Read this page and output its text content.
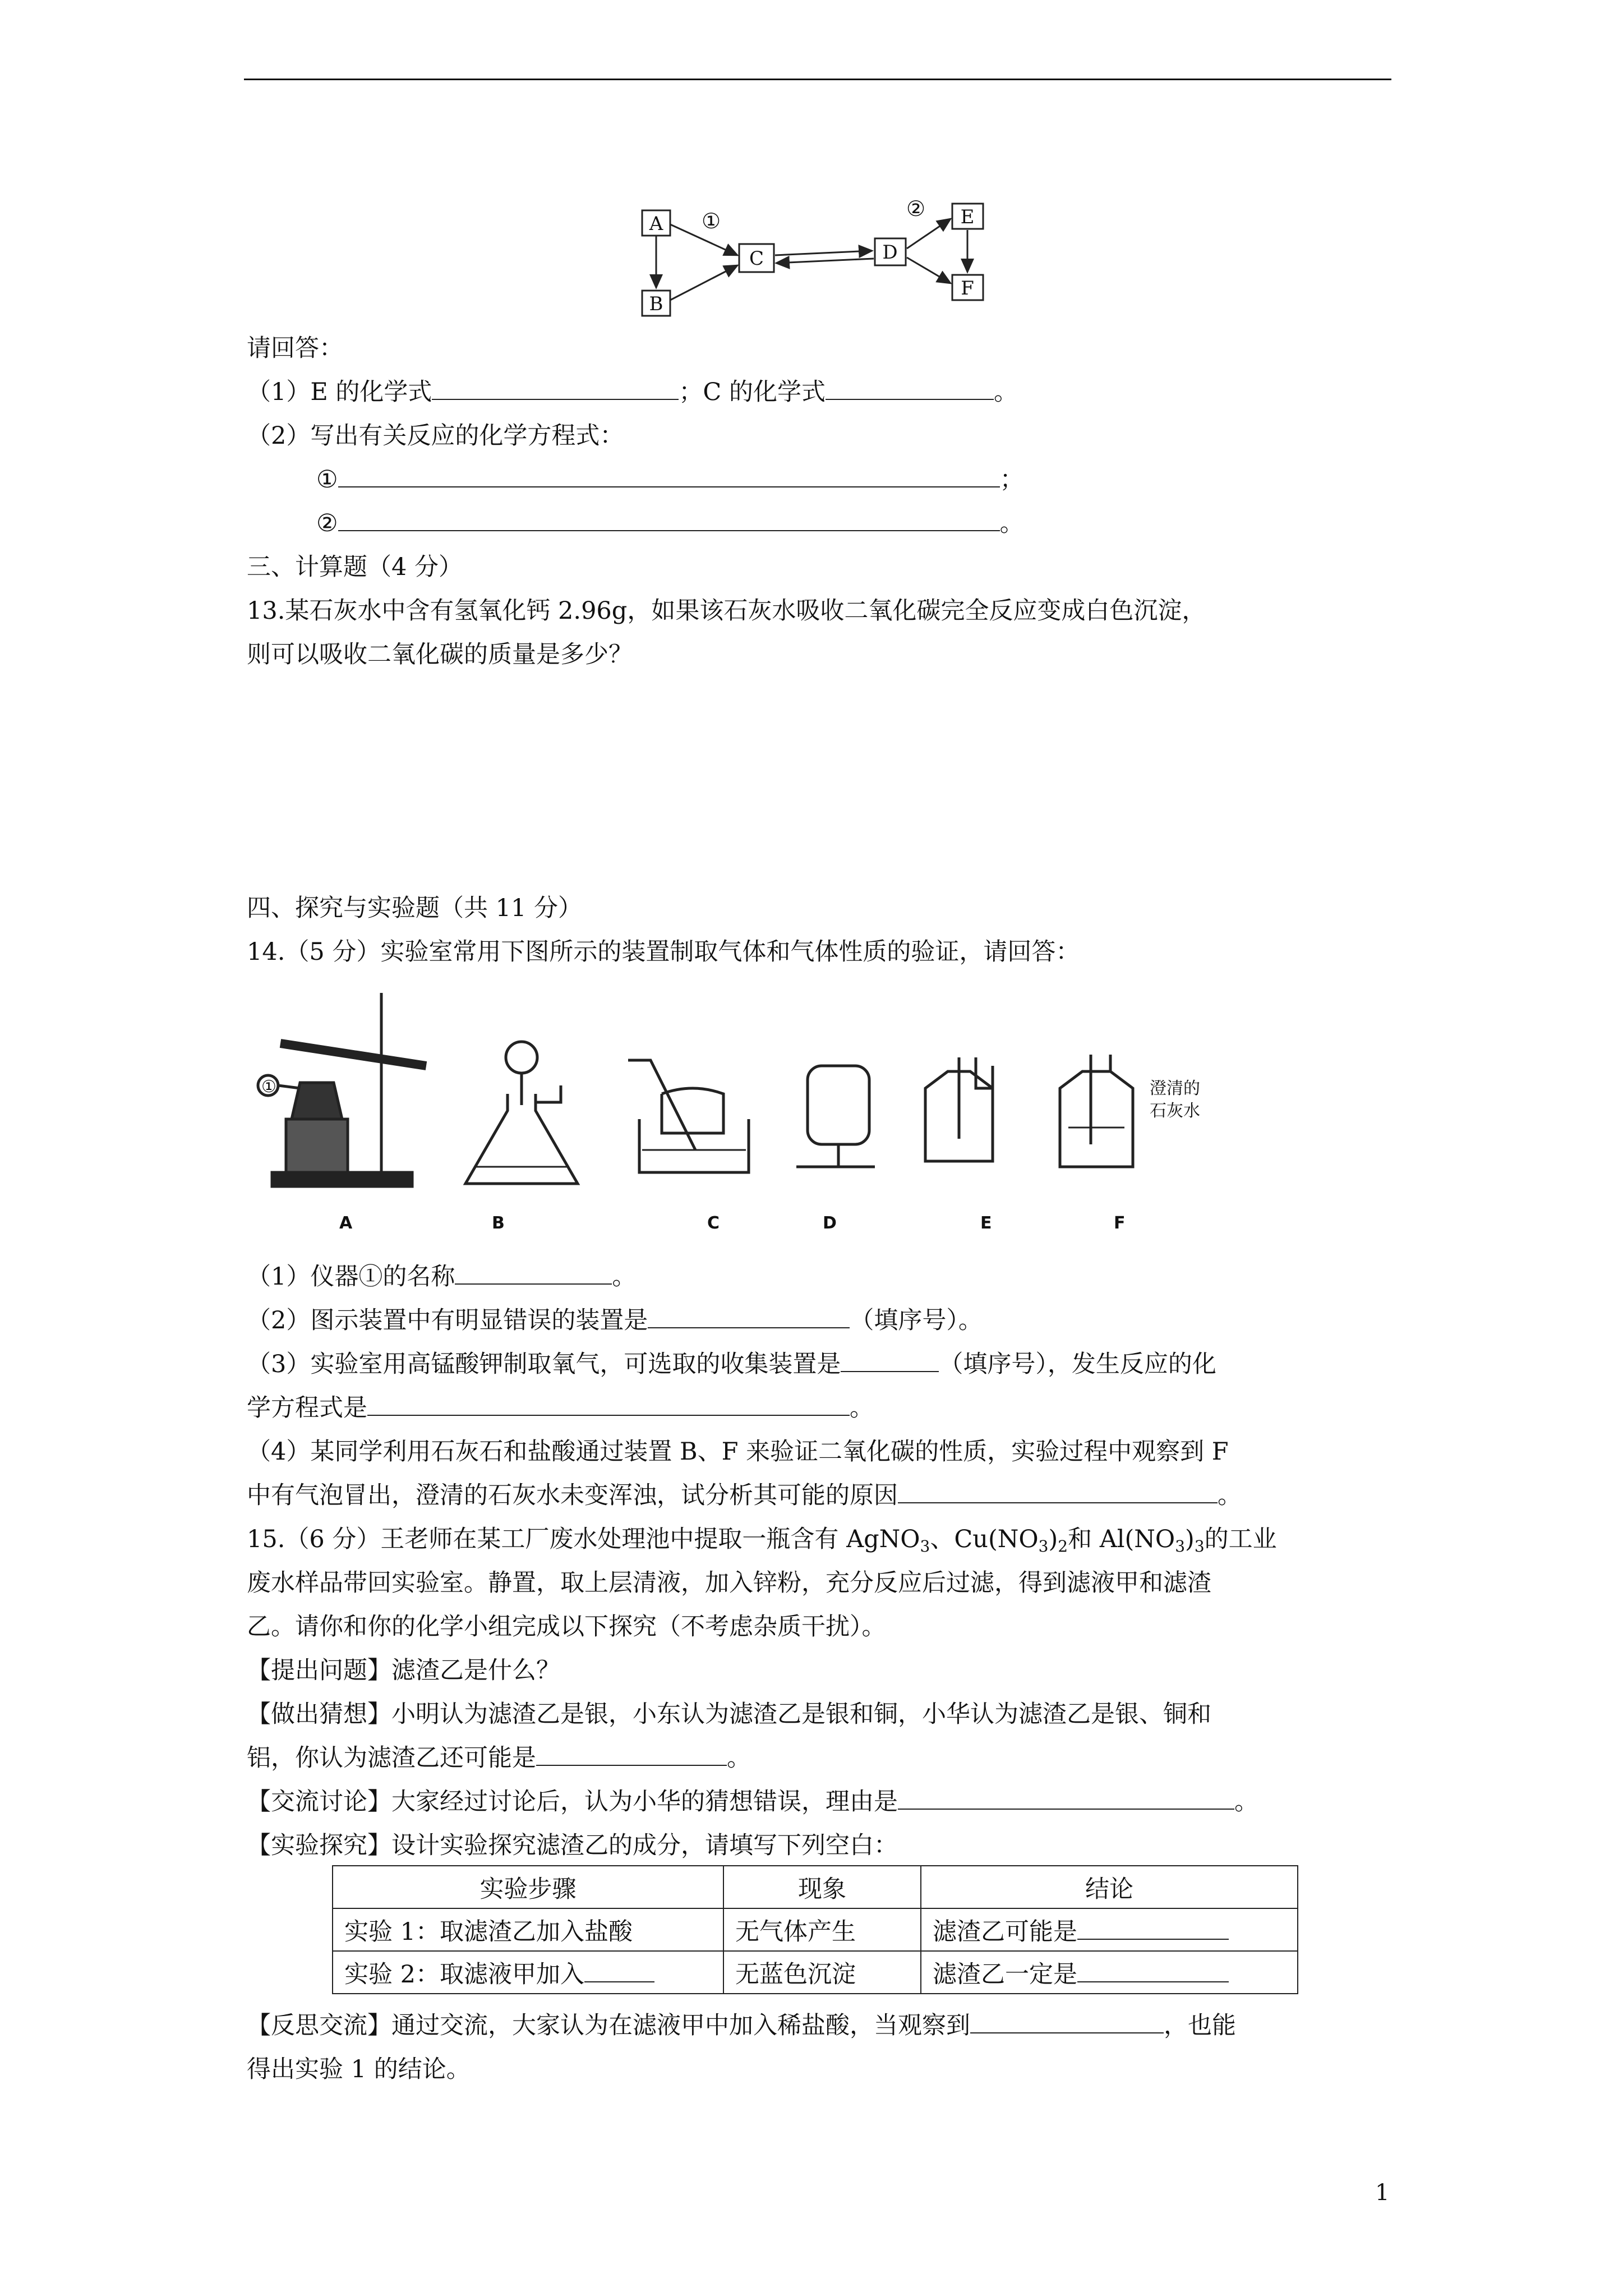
A
B
C	D
E
F
①	②
请回答：
（1）E 的化学式	；C 的化学式	。
（2）写出有关反应的化学方程式：
①	；
②	。
三、计算题（4 分）
13.某石灰水中含有氢氧化钙 2.96g，如果该石灰水吸收二氧化碳完全反应变成白色沉淀，
则可以吸收二氧化碳的质量是多少？
四、探究与实验题（共 11 分）
14.（5 分）实验室常用下图所示的装置制取气体和气体性质的验证，请回答：
①	澄清的
石灰水
A	B	C	D	E	F
（1）仪器①的名称	。
（2）图示装置中有明显错误的装置是	（填序号）。
（3）实验室用高锰酸钾制取氧气，可选取的收集装置是	（填序号），发生反应的化
学方程式是	。
（4）某同学利用石灰石和盐酸通过装置 B、F 来验证二氧化碳的性质，实验过程中观察到 F
中有气泡冒出，澄清的石灰水未变浑浊，试分析其可能的原因	。
15.（6 分）王老师在某工厂废水处理池中提取一瓶含有 AgNO$_3$、$Cu(NO_3)_2$和 $Al(NO_3)_3$的工业
废水样品带回实验室。静置，取上层清液，加入锌粉，充分反应后过滤，得到滤液甲和滤渣
乙。请你和你的化学小组完成以下探究（不考虑杂质干扰）。
【提出问题】滤渣乙是什么？
【做出猜想】小明认为滤渣乙是银，小东认为滤渣乙是银和铜，小华认为滤渣乙是银、铜和
铝，你认为滤渣乙还可能是	。
【交流讨论】大家经过讨论后，认为小华的猜想错误，理由是	。
【实验探究】设计实验探究滤渣乙的成分，请填写下列空白：
实验步骤	现象	结论
实验 1：取滤渣乙加入盐酸	无气体产生	滤渣乙可能是
实验 2：取滤液甲加入	无蓝色沉淀	滤渣乙一定是
【反思交流】通过交流，大家认为在滤液甲中加入稀盐酸，当观察到	，也能
得出实验 1 的结论。
1
